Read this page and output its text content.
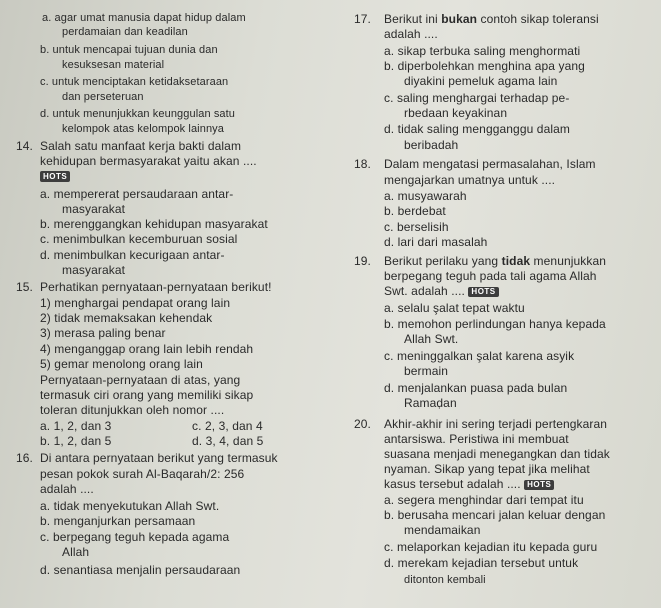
a. agar umat manusia dapat hidup dalam
perdamaian dan keadilan
b. untuk mencapai tujuan dunia dan
kesuksesan material
c. untuk menciptakan ketidaksetaraan
dan perseteruan
d. untuk menunjukkan keunggulan satu
kelompok atas kelompok lainnya
14. Salah satu manfaat kerja bakti dalam
kehidupan bermasyarakat yaitu akan ....
HOTS
a. mempererat persaudaraan antar-
masyarakat
b. merenggangkan kehidupan masyarakat
c. menimbulkan kecemburuan sosial
d. menimbulkan kecurigaan antar-
masyarakat
15. Perhatikan pernyataan-pernyataan berikut!
1) menghargai pendapat orang lain
2) tidak memaksakan kehendak
3) merasa paling benar
4) menganggap orang lain lebih rendah
5) gemar menolong orang lain
Pernyataan-pernyataan di atas, yang
termasuk ciri orang yang memiliki sikap
toleran ditunjukkan oleh nomor ....
a. 1, 2, dan 3
b. 1, 2, dan 5
c. 2, 3, dan 4
d. 3, 4, dan 5
16. Di antara pernyataan berikut yang termasuk
pesan pokok surah Al-Baqarah/2: 256
adalah ....
a. tidak menyekutukan Allah Swt.
b. menganjurkan persamaan
c. berpegang teguh kepada agama
Allah
d. senantiasa menjalin persaudaraan
17. Berikut ini bukan contoh sikap toleransi
adalah ....
a. sikap terbuka saling menghormati
b. diperbolehkan menghina apa yang
diyakini pemeluk agama lain
c. saling menghargai terhadap pe-
rbedaan keyakinan
d. tidak saling mengganggu dalam
beribadah
18. Dalam mengatasi permasalahan, Islam
mengajarkan umatnya untuk ....
a. musyawarah
b. berdebat
c. berselisih
d. lari dari masalah
19. Berikut perilaku yang tidak menunjukkan
berpegang teguh pada tali agama Allah
Swt. adalah .... HOTS
a. selalu şalat tepat waktu
b. memohon perlindungan hanya kepada
Allah Swt.
c. meninggalkan şalat karena asyik
bermain
d. menjalankan puasa pada bulan
Ramaḍan
20. Akhir-akhir ini sering terjadi pertengkaran
antarsiswa. Peristiwa ini membuat
suasana menjadi menegangkan dan tidak
nyaman. Sikap yang tepat jika melihat
kasus tersebut adalah .... HOTS
a. segera menghindar dari tempat itu
b. berusaha mencari jalan keluar dengan
mendamaikan
c. melaporkan kejadian itu kepada guru
d. merekam kejadian tersebut untuk
ditonton kembali
